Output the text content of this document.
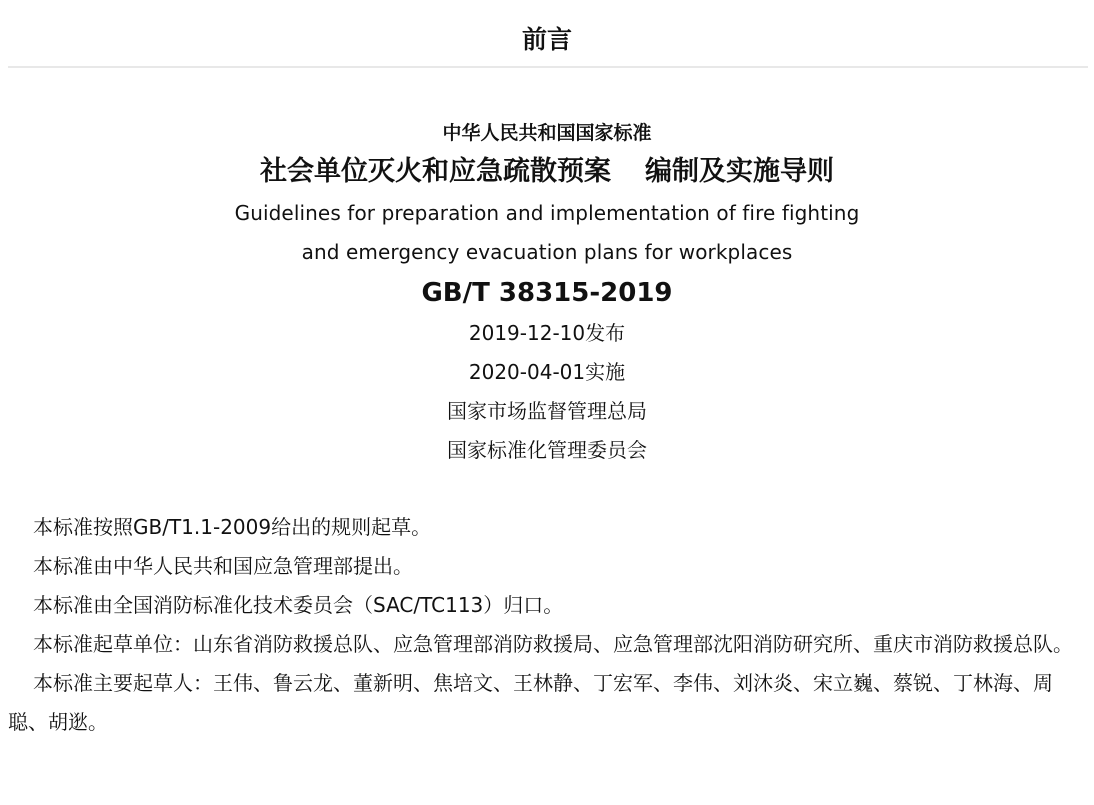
前言
中华人民共和国国家标准
社会单位灭火和应急疏散预案 编制及实施导则
Guidelines for preparation and implementation of fire fighting
and emergency evacuation plans for workplaces
GB/T 38315-2019
2019-12-10发布
2020-04-01实施
国家市场监督管理总局
国家标准化管理委员会

本标准按照GB/T1.1-2009给出的规则起草。

本标准由中华人民共和国应急管理部提出。

本标准由全国消防标准化技术委员会（SAC/TC113）归口。

本标准起草单位：山东省消防救援总队、应急管理部消防救援局、应急管理部沈阳消防研究所、重庆市消防救援总队。

本标准主要起草人：王伟、鲁云龙、董新明、焦培文、王林静、丁宏军、李伟、刘沐炎、宋立巍、蔡锐、丁林海、周聪、胡逖。
